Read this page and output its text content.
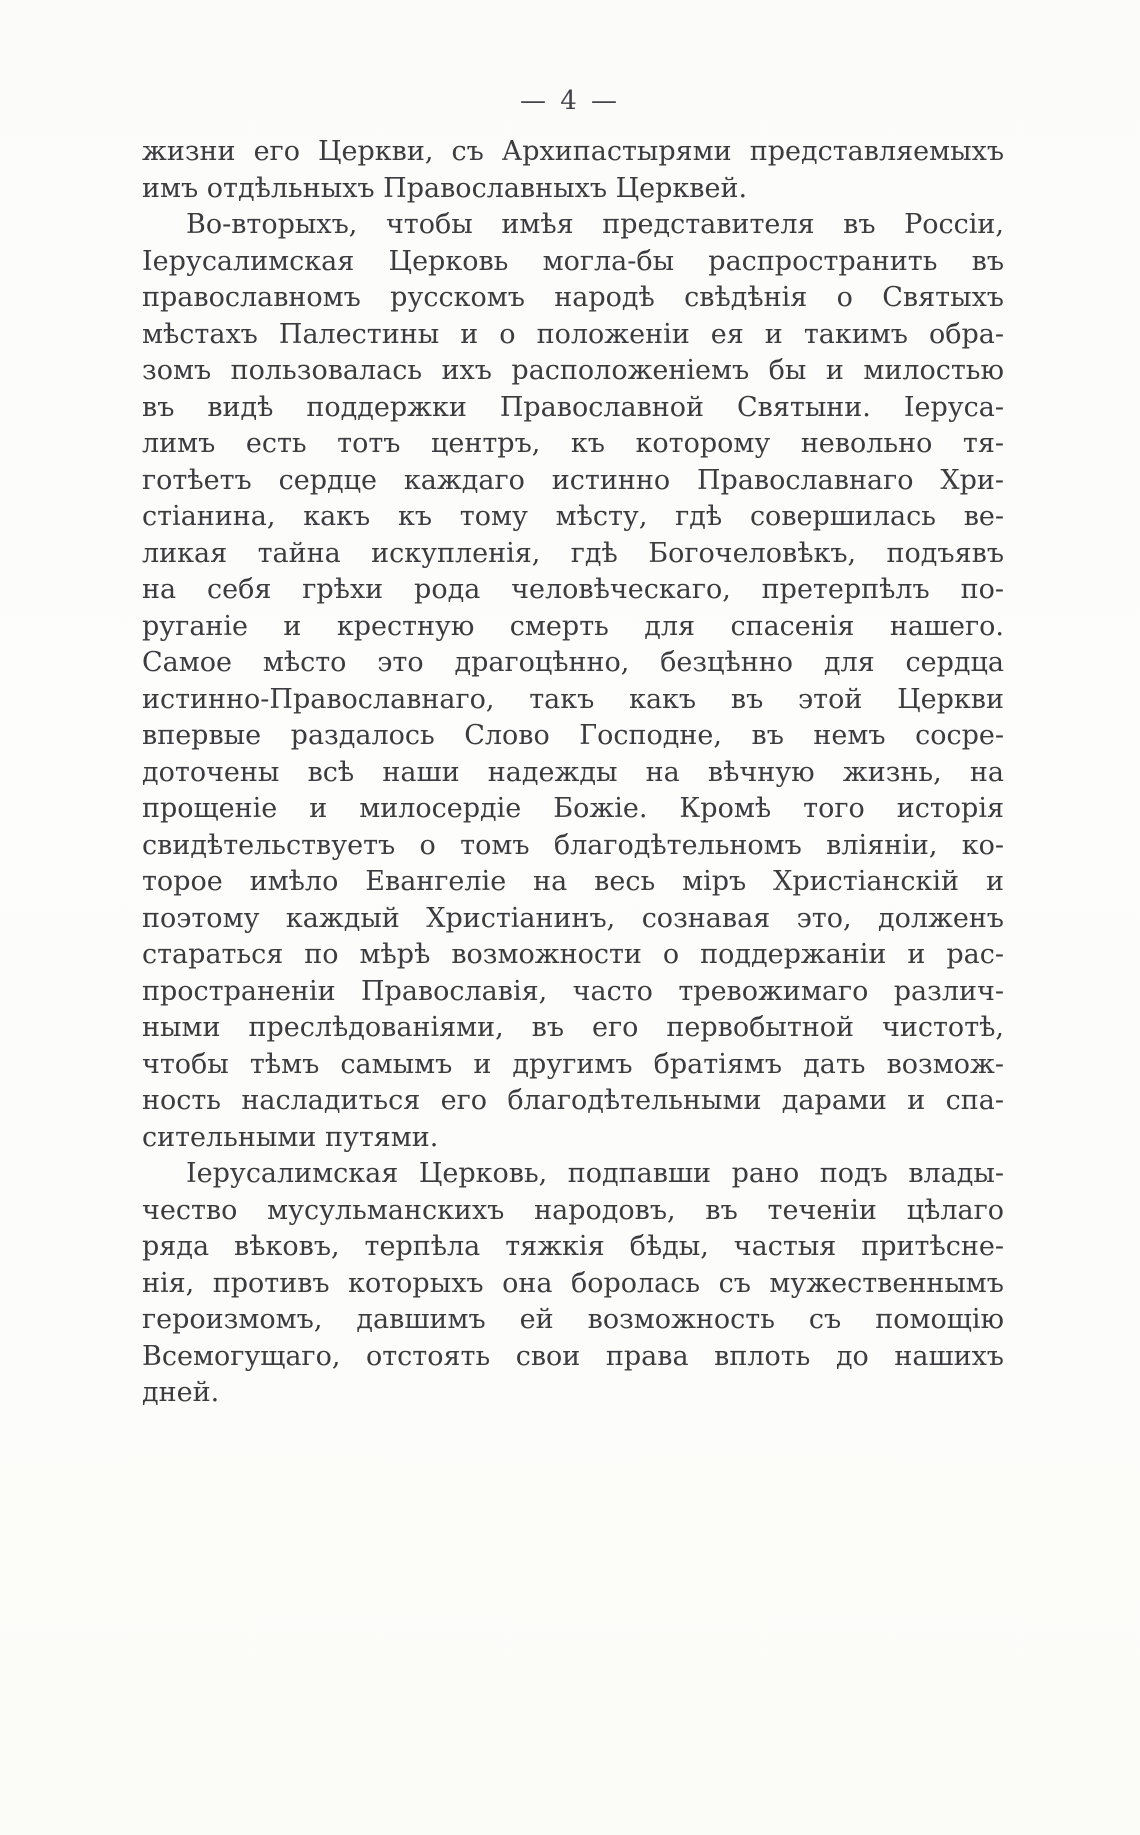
— 4 —
жизни его Церкви, съ Архипастырями представляемыхъ
имъ отдѣльныхъ Православныхъ Церквей.
Во-вторыхъ, чтобы имѣя представителя въ Россіи,
Іерусалимская Церковь могла-бы распространить въ
православномъ русскомъ народѣ свѣдѣнія о Святыхъ
мѣстахъ Палестины и о положеніи ея и такимъ обра-
зомъ пользовалась ихъ расположеніемъ бы и милостью
въ видѣ поддержки Православной Святыни. Іеруса-
лимъ есть тотъ центръ, къ которому невольно тя-
готѣетъ сердце каждаго истинно Православнаго Хри-
стіанина, какъ къ тому мѣсту, гдѣ совершилась ве-
ликая тайна искупленія, гдѣ Богочеловѣкъ, подъявъ
на себя грѣхи рода человѣческаго, претерпѣлъ по-
руганіе и крестную смерть для спасенія нашего.
Самое мѣсто это драгоцѣнно, безцѣнно для сердца
истинно-Православнаго, такъ какъ въ этой Церкви
впервые раздалось Слово Господне, въ немъ сосре-
доточены всѣ наши надежды на вѣчную жизнь, на
прощеніе и милосердіе Божіе. Кромѣ того исторія
свидѣтельствуетъ о томъ благодѣтельномъ вліяніи, ко-
торое имѣло Евангеліе на весь міръ Христіанскій и
поэтому каждый Христіанинъ, сознавая это, долженъ
стараться по мѣрѣ возможности о поддержаніи и рас-
пространеніи Православія, часто тревожимаго различ-
ными преслѣдованіями, въ его первобытной чистотѣ,
чтобы тѣмъ самымъ и другимъ братіямъ дать возмож-
ность насладиться его благодѣтельными дарами и спа-
сительными путями.
Іерусалимская Церковь, подпавши рано подъ влады-
чество мусульманскихъ народовъ, въ теченіи цѣлаго
ряда вѣковъ, терпѣла тяжкія бѣды, частыя притѣсне-
нія, противъ которыхъ она боролась съ мужественнымъ
героизмомъ, давшимъ ей возможность съ помощію
Всемогущаго, отстоять свои права вплоть до нашихъ
дней.
